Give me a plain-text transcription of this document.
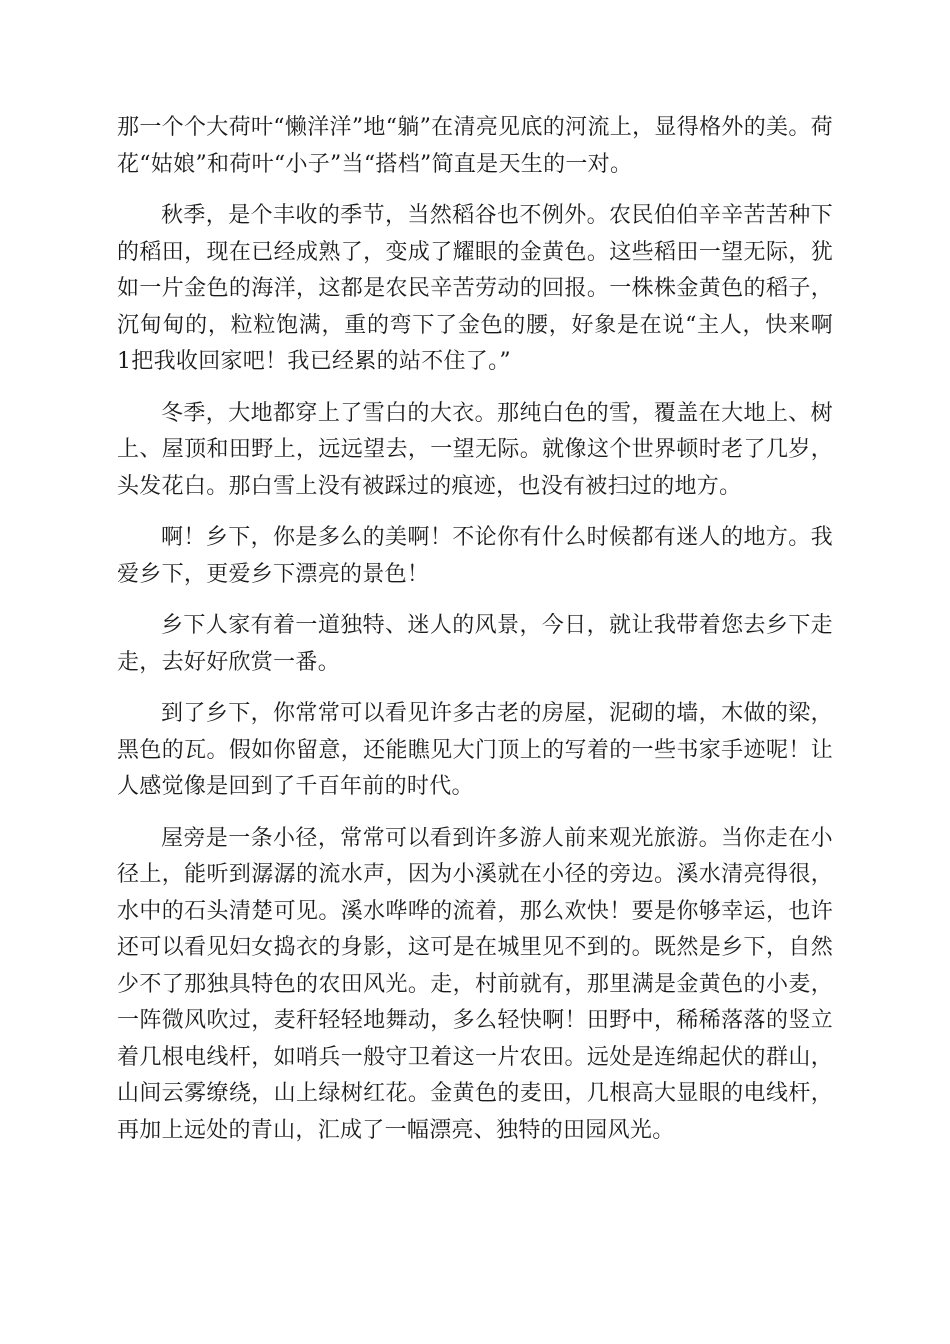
那一个个大荷叶“懒洋洋”地“躺”在清亮见底的河流上，显得格外的美。荷花“姑娘”和荷叶“小子”当“搭档”简直是天生的一对。

秋季，是个丰收的季节，当然稻谷也不例外。农民伯伯辛辛苦苦种下的稻田，现在已经成熟了，变成了耀眼的金黄色。这些稻田一望无际，犹如一片金色的海洋，这都是农民辛苦劳动的回报。一株株金黄色的稻子，沉甸甸的，粒粒饱满，重的弯下了金色的腰，好象是在说“主人，快来啊1把我收回家吧！我已经累的站不住了。”

冬季，大地都穿上了雪白的大衣。那纯白色的雪，覆盖在大地上、树上、屋顶和田野上，远远望去，一望无际。就像这个世界顿时老了几岁，头发花白。那白雪上没有被踩过的痕迹，也没有被扫过的地方。

啊！乡下，你是多么的美啊！不论你有什么时候都有迷人的地方。我爱乡下，更爱乡下漂亮的景色！

乡下人家有着一道独特、迷人的风景，今日，就让我带着您去乡下走走，去好好欣赏一番。

到了乡下，你常常可以看见许多古老的房屋，泥砌的墙，木做的梁，黑色的瓦。假如你留意，还能瞧见大门顶上的写着的一些书家手迹呢！让人感觉像是回到了千百年前的时代。

屋旁是一条小径，常常可以看到许多游人前来观光旅游。当你走在小径上，能听到潺潺的流水声，因为小溪就在小径的旁边。溪水清亮得很，水中的石头清楚可见。溪水哗哗的流着，那么欢快！要是你够幸运，也许还可以看见妇女捣衣的身影，这可是在城里见不到的。既然是乡下，自然少不了那独具特色的农田风光。走，村前就有，那里满是金黄色的小麦，一阵微风吹过，麦秆轻轻地舞动，多么轻快啊！田野中，稀稀落落的竖立着几根电线杆，如哨兵一般守卫着这一片农田。远处是连绵起伏的群山，山间云雾缭绕，山上绿树红花。金黄色的麦田，几根高大显眼的电线杆，再加上远处的青山，汇成了一幅漂亮、独特的田园风光。
